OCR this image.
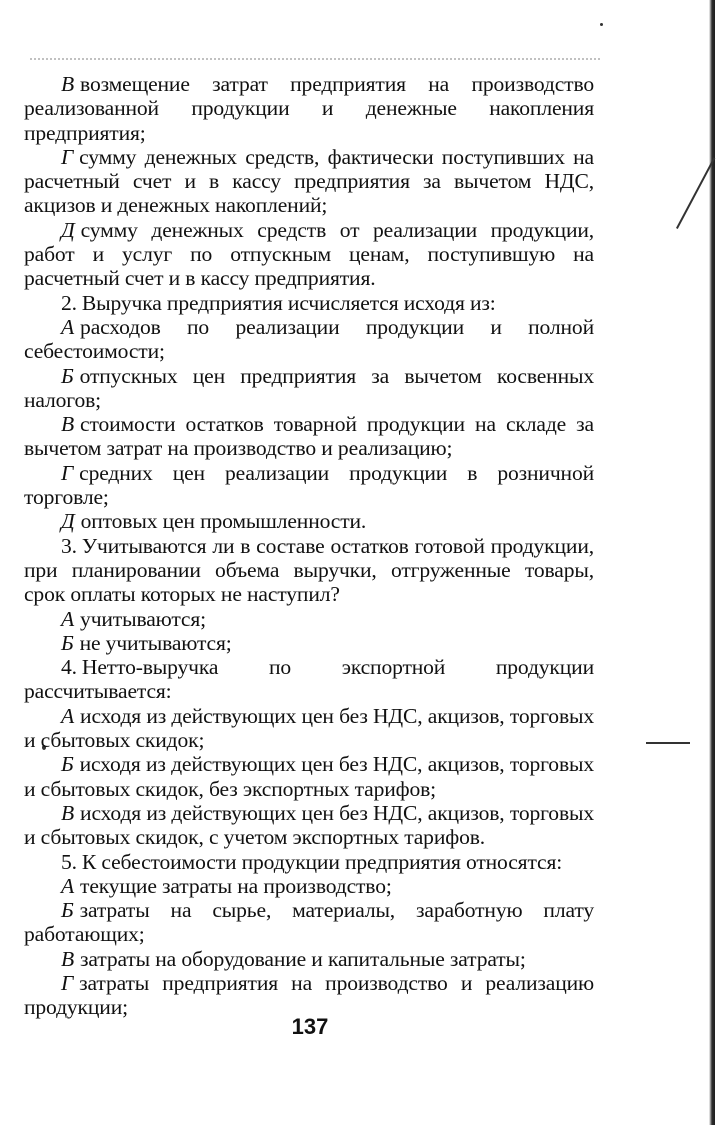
В возмещение затрат предприятия на производство реализованной продукции и денежные накопления предприятия;

Г сумму денежных средств, фактически поступивших на расчетный счет и в кассу предприятия за вычетом НДС, акцизов и денежных накоплений;

Д сумму денежных средств от реализации продукции, работ и услуг по отпускным ценам, поступившую на расчетный счет и в кассу предприятия.

2. Выручка предприятия исчисляется исходя из:

А расходов по реализации продукции и полной себестоимости;

Б отпускных цен предприятия за вычетом косвенных налогов;

В стоимости остатков товарной продукции на складе за вычетом затрат на производство и реализацию;

Г средних цен реализации продукции в розничной торговле;

Д оптовых цен промышленности.

3. Учитываются ли в составе остатков готовой продукции, при планировании объема выручки, отгруженные товары, срок оплаты которых не наступил?

А учитываются;

Б не учитываются;

4. Нетто-выручка по экспортной продукции рассчитывается:

А исходя из действующих цен без НДС, акцизов, торговых и сбытовых скидок;

Б исходя из действующих цен без НДС, акцизов, торговых и сбытовых скидок, без экспортных тарифов;

В исходя из действующих цен без НДС, акцизов, торговых и сбытовых скидок, с учетом экспортных тарифов.

5. К себестоимости продукции предприятия относятся:

А текущие затраты на производство;

Б затраты на сырье, материалы, заработную плату работающих;

В затраты на оборудование и капитальные затраты;

Г затраты предприятия на производство и реализацию продукции;

137
